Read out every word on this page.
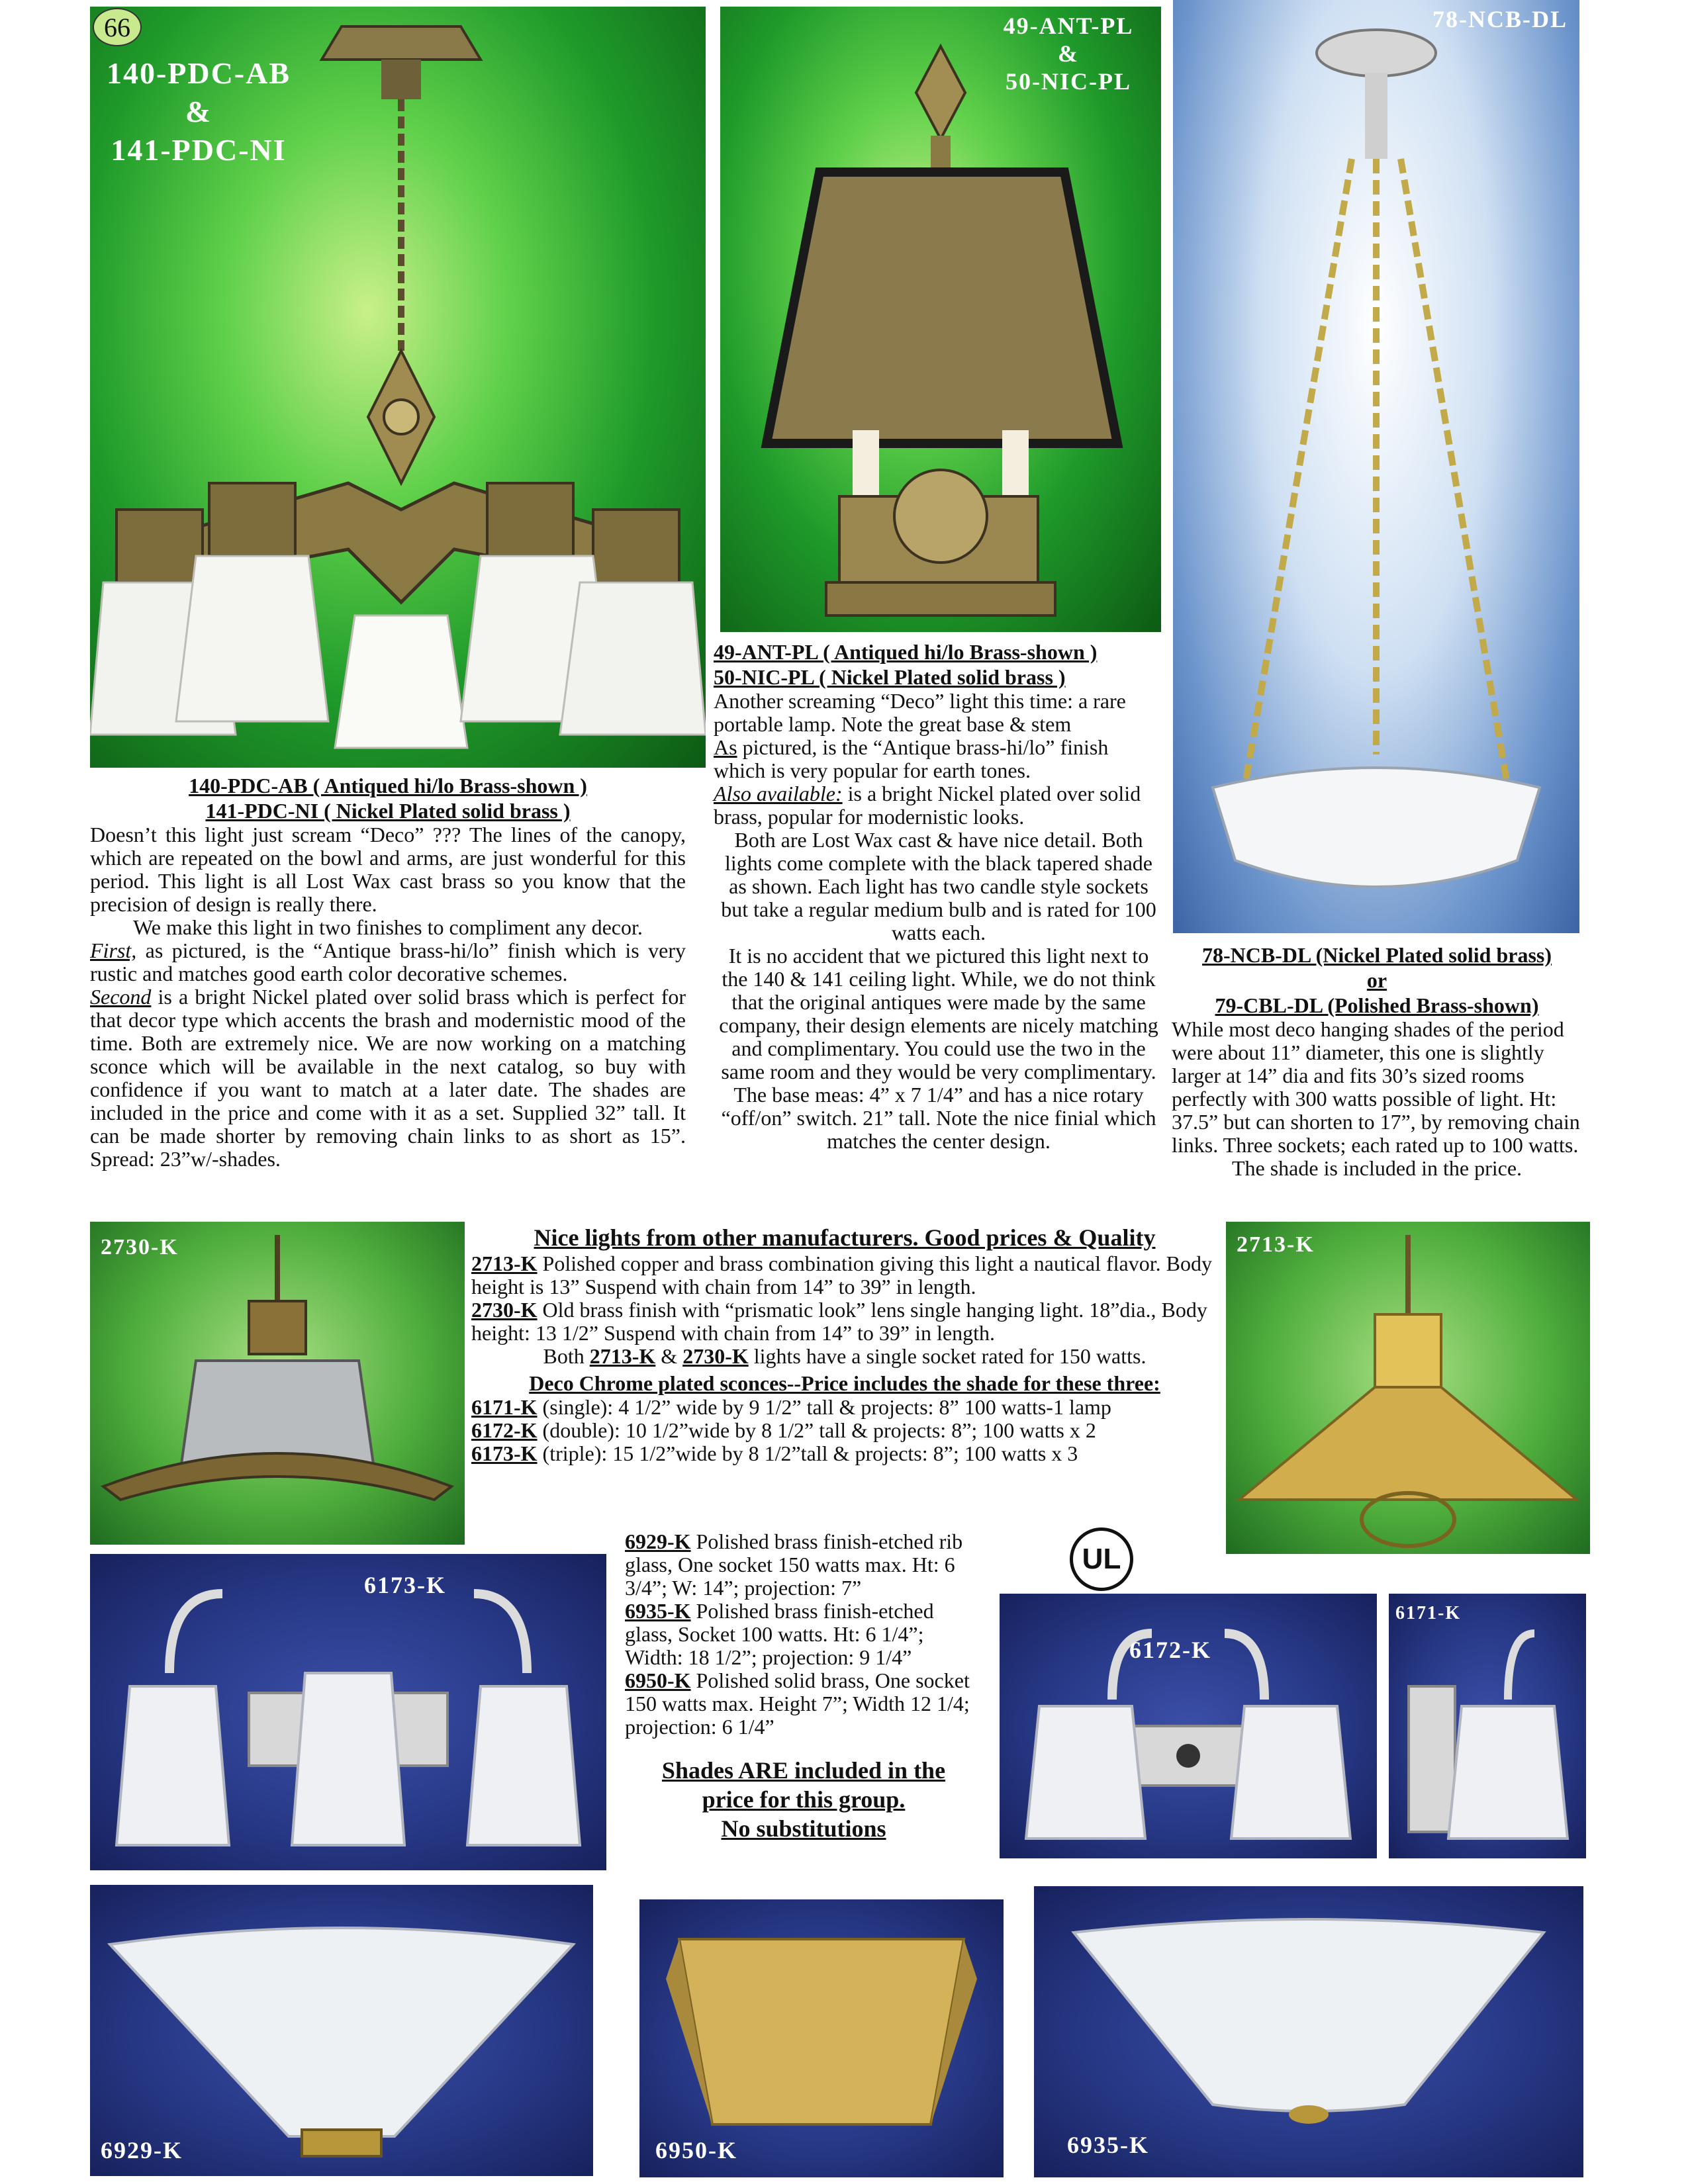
66
140-PDC-AB
&
141-PDC-NI
49-ANT-PL
&
50-NIC-PL
78-NCB-DL
140-PDC-AB ( Antiqued hi/lo Brass-shown )
141-PDC-NI ( Nickel Plated solid brass )

Doesn’t this light just scream “Deco” ??? The lines of the canopy, which are repeated on the bowl and arms, are just wonderful for this period. This light is all Lost Wax cast brass so you know that the precision of design is really there.

We make this light in two finishes to compliment any decor.

First, as pictured, is the “Antique brass-hi/lo” finish which is very rustic and matches good earth color decorative schemes.

Second is a bright Nickel plated over solid brass which is perfect for that decor type which accents the brash and modernistic mood of the time. Both are extremely nice. We are now working on a matching sconce which will be available in the next catalog, so buy with confidence if you want to match at a later date. The shades are included in the price and come with it as a set. Supplied 32” tall. It can be made shorter by removing chain links to as short as 15”. Spread: 23”w/-shades.

49-ANT-PL ( Antiqued hi/lo Brass-shown )
50-NIC-PL ( Nickel Plated solid brass )

Another screaming “Deco” light this time: a rare portable lamp. Note the great base & stem

As pictured, is the “Antique brass-hi/lo” finish which is very popular for earth tones.

Also available: is a bright Nickel plated over solid brass, popular for modernistic looks.

Both are Lost Wax cast & have nice detail. Both lights come complete with the black tapered shade as shown. Each light has two candle style sockets but take a regular medium bulb and is rated for 100 watts each.

It is no accident that we pictured this light next to the 140 & 141 ceiling light. While, we do not think that the original antiques were made by the same company, their design elements are nicely matching and complimentary. You could use the two in the same room and they would be very complimentary.

The base meas: 4” x 7 1/4” and has a nice rotary “off/on” switch. 21” tall. Note the nice finial which matches the center design.

78-NCB-DL (Nickel Plated solid brass)
or
79-CBL-DL (Polished Brass-shown)

While most deco hanging shades of the period were about 11” diameter, this one is slightly larger at 14” dia and fits 30’s sized rooms perfectly with 300 watts possible of light. Ht: 37.5” but can shorten to 17”, by removing chain links. Three sockets; each rated up to 100 watts.

The shade is included in the price.

2730-K	2713-K
Nice lights from other manufacturers. Good prices & Quality

2713-K Polished copper and brass combination giving this light a nautical flavor. Body height is 13” Suspend with chain from 14” to 39” in length.

2730-K Old brass finish with “prismatic look” lens single hanging light. 18”dia., Body height: 13 1/2” Suspend with chain from 14” to 39” in length.

Both 2713-K & 2730-K lights have a single socket rated for 150 watts.

Deco Chrome plated sconces--Price includes the shade for these three:

6171-K (single): 4 1/2” wide by 9 1/2” tall & projects: 8” 100 watts-1 lamp

6172-K (double): 10 1/2”wide by 8 1/2” tall & projects: 8”; 100 watts x 2

6173-K (triple): 15 1/2”wide by 8 1/2”tall & projects: 8”; 100 watts x 3

6173-K

6929-K Polished brass finish-etched rib glass, One socket 150 watts max. Ht: 6 3/4”; W: 14”; projection: 7”

6935-K Polished brass finish-etched glass, Socket 100 watts. Ht: 6 1/4”; Width: 18 1/2”; projection: 9 1/4”

6950-K Polished solid brass, One socket 150 watts max. Height 7”; Width 12 1/4; projection: 6 1/4”

Shades ARE included in the
price for this group.
No substitutions
UL
6172-K
6171-K
6929-K	6950-K	6935-K
